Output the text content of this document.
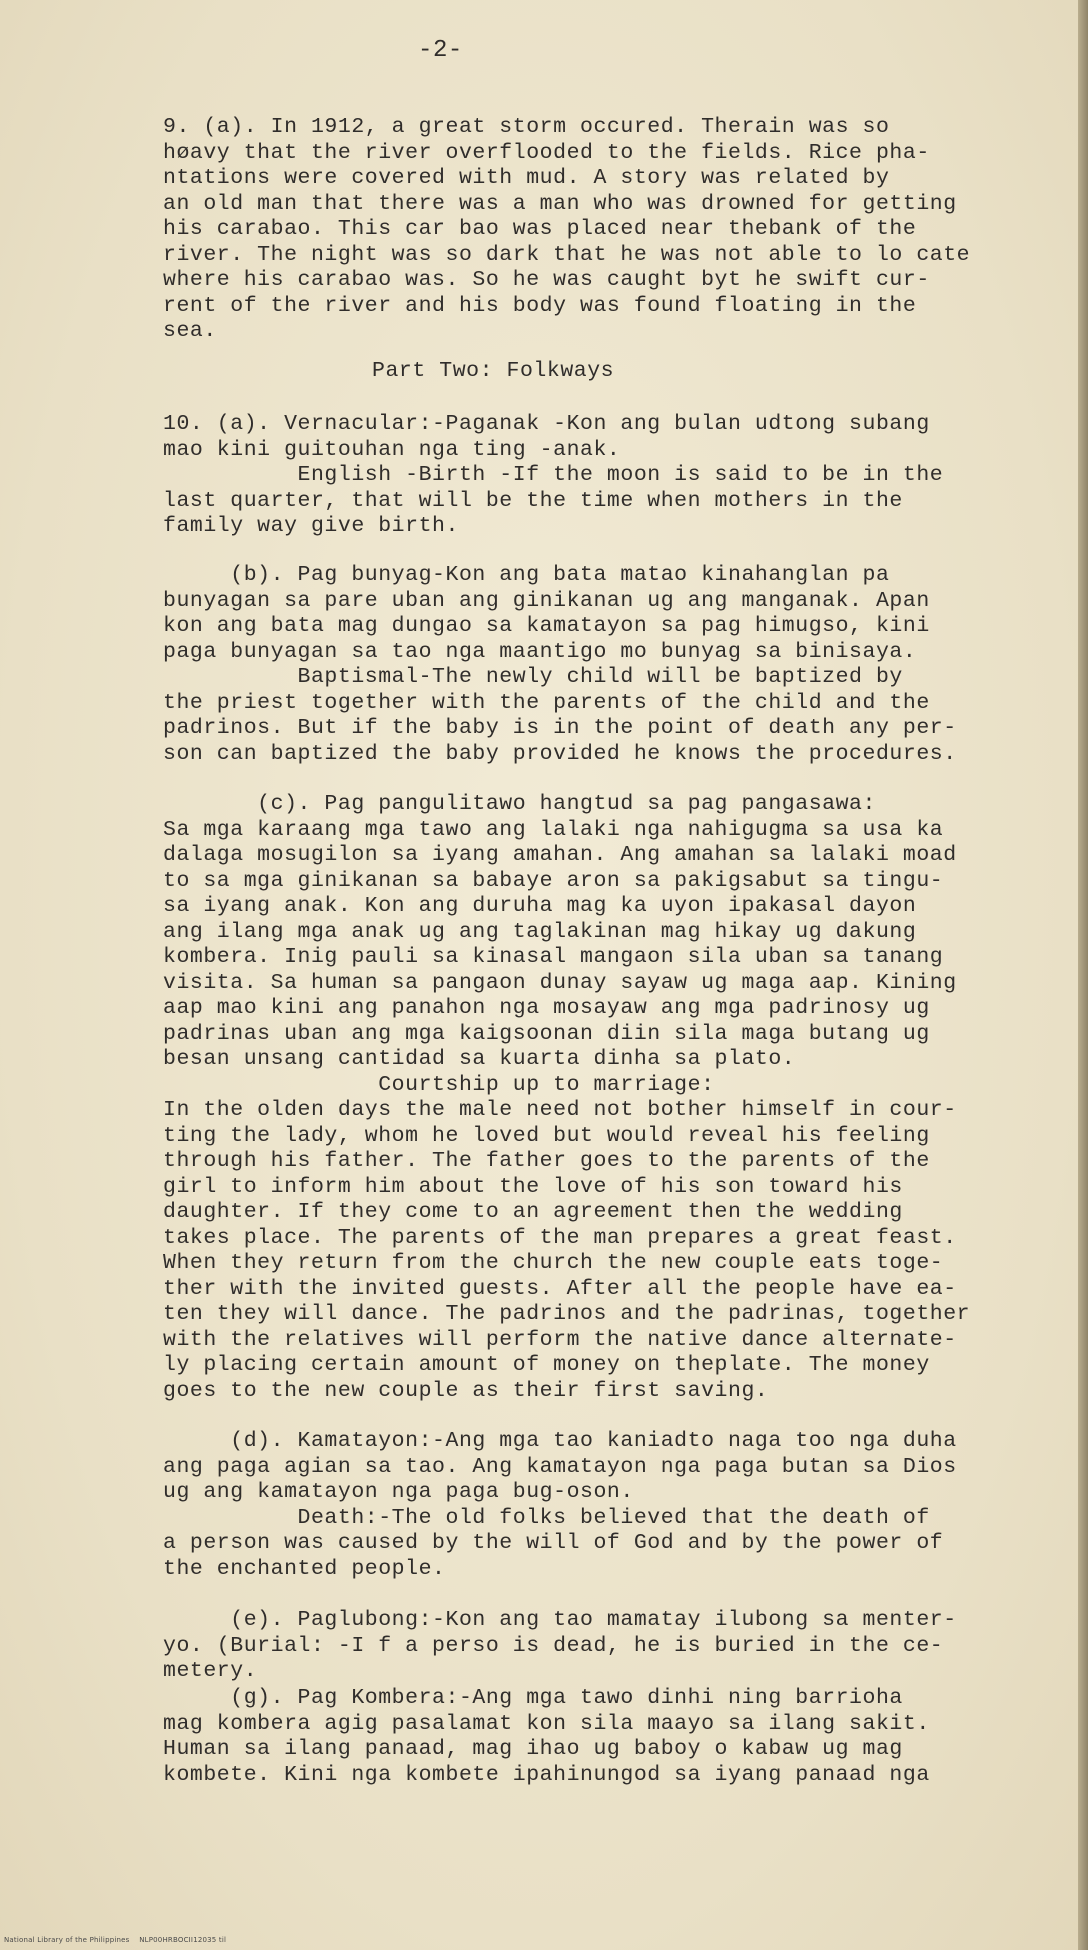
-2-
9. (a). In 1912, a great storm occured. Therain was so
høavy that the river overflooded to the fields. Rice pha-
ntations were covered with mud. A story was related by
an old man that there was a man who was drowned for getting
his carabao. This car bao was placed near thebank of the
river. The night was so dark that he was not able to lo cate
where his carabao was. So he was caught byt he swift cur-
rent of the river and his body was found floating in the
sea.
Part Two: Folkways
10. (a). Vernacular:-Paganak -Kon ang bulan udtong subang
mao kini guitouhan nga ting -anak.
English -Birth -If the moon is said to be in the
last quarter, that will be the time when mothers in the
family way give birth.
(b). Pag bunyag-Kon ang bata matao kinahanglan pa
bunyagan sa pare uban ang ginikanan ug ang manganak. Apan
kon ang bata mag dungao sa kamatayon sa pag himugso, kini
paga bunyagan sa tao nga maantigo mo bunyag sa binisaya.
Baptismal-The newly child will be baptized by
the priest together with the parents of the child and the
padrinos. But if the baby is in the point of death any per-
son can baptized the baby provided he knows the procedures.
(c). Pag pangulitawo hangtud sa pag pangasawa:
Sa mga karaang mga tawo ang lalaki nga nahigugma sa usa ka
dalaga mosugilon sa iyang amahan. Ang amahan sa lalaki moad
to sa mga ginikanan sa babaye aron sa pakigsabut sa tingu-
sa iyang anak. Kon ang duruha mag ka uyon ipakasal dayon
ang ilang mga anak ug ang taglakinan mag hikay ug dakung
kombera. Inig pauli sa kinasal mangaon sila uban sa tanang
visita. Sa human sa pangaon dunay sayaw ug maga aap. Kining
aap mao kini ang panahon nga mosayaw ang mga padrinosy ug
padrinas uban ang mga kaigsoonan diin sila maga butang ug
besan unsang cantidad sa kuarta dinha sa plato.
Courtship up to marriage:
In the olden days the male need not bother himself in cour-
ting the lady, whom he loved but would reveal his feeling
through his father. The father goes to the parents of the
girl to inform him about the love of his son toward his
daughter. If they come to an agreement then the wedding
takes place. The parents of the man prepares a great feast.
When they return from the church the new couple eats toge-
ther with the invited guests. After all the people have ea-
ten they will dance. The padrinos and the padrinas, together
with the relatives will perform the native dance alternate-
ly placing certain amount of money on theplate. The money
goes to the new couple as their first saving.
(d). Kamatayon:-Ang mga tao kaniadto naga too nga duha
ang paga agian sa tao. Ang kamatayon nga paga butan sa Dios
ug ang kamatayon nga paga bug-oson.
Death:-The old folks believed that the death of
a person was caused by the will of God and by the power of
the enchanted people.
(e). Paglubong:-Kon ang tao mamatay ilubong sa menter-
yo. (Burial: -I f a perso is dead, he is buried in the ce-
metery.
(g). Pag Kombera:-Ang mga tawo dinhi ning barrioha
mag kombera agig pasalamat kon sila maayo sa ilang sakit.
Human sa ilang panaad, mag ihao ug baboy o kabaw ug mag
kombete. Kini nga kombete ipahinungod sa iyang panaad nga
National Library of the Philippines    NLP00HRBOCII12035 til
